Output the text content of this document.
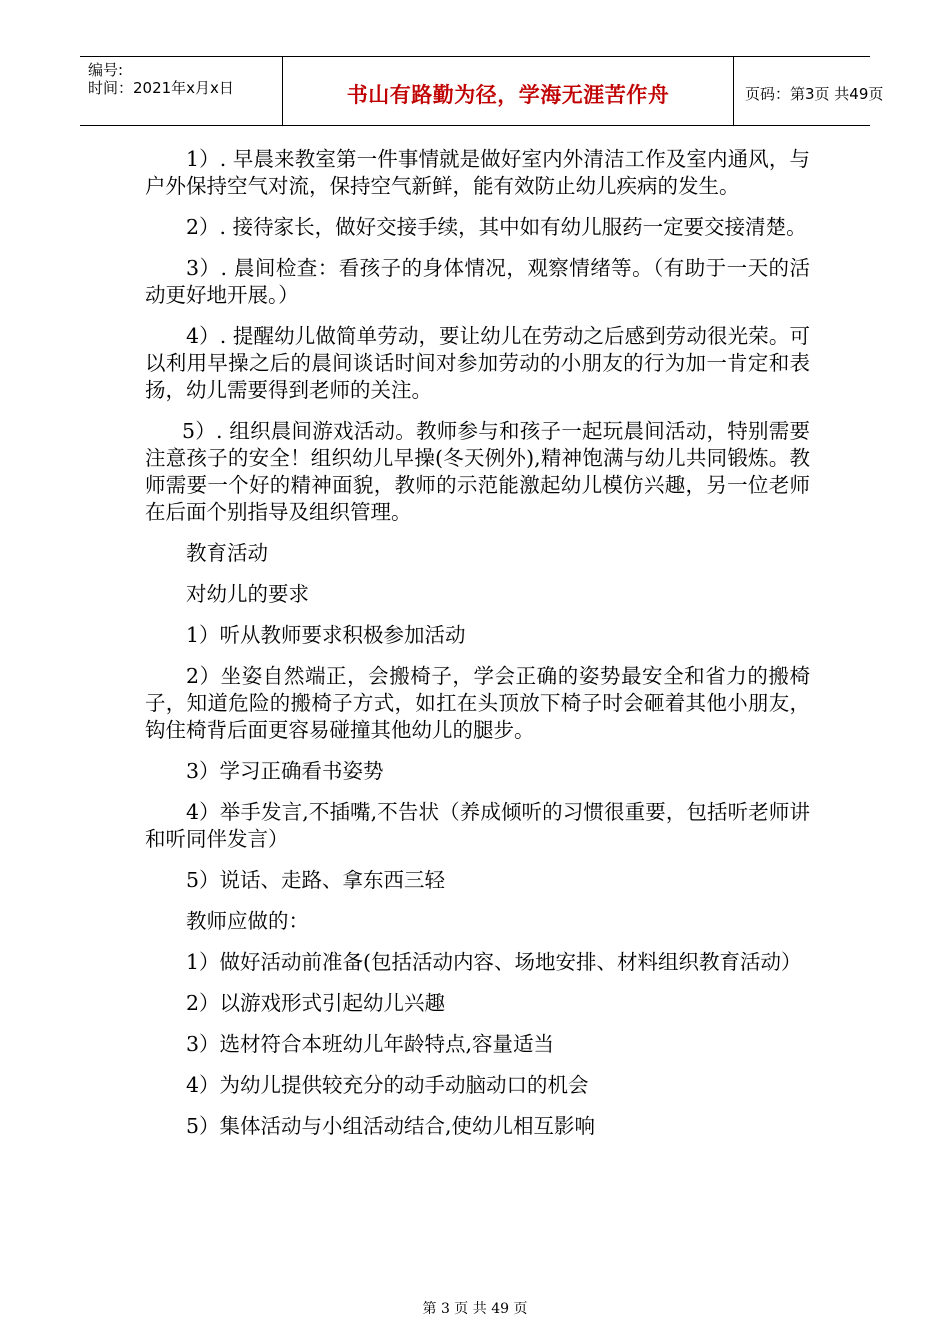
编号:
时间：2021年x月x日	书山有路勤为径，学海无涯苦作舟	页码：第3页 共49页

1）. 早晨来教室第一件事情就是做好室内外清洁工作及室内通风，与户外保持空气对流，保持空气新鲜，能有效防止幼儿疾病的发生。

2）. 接待家长，做好交接手续，其中如有幼儿服药一定要交接清楚。

3）. 晨间检查：看孩子的身体情况，观察情绪等。（有助于一天的活动更好地开展。）

4）. 提醒幼儿做简单劳动，要让幼儿在劳动之后感到劳动很光荣。可以利用早操之后的晨间谈话时间对参加劳动的小朋友的行为加一肯定和表扬，幼儿需要得到老师的关注。

5）. 组织晨间游戏活动。教师参与和孩子一起玩晨间活动，特别需要注意孩子的安全！组织幼儿早操(冬天例外),精神饱满与幼儿共同锻炼。教师需要一个好的精神面貌，教师的示范能激起幼儿模仿兴趣，另一位老师在后面个别指导及组织管理。

教育活动

对幼儿的要求

1）听从教师要求积极参加活动

2）坐姿自然端正，会搬椅子，学会正确的姿势最安全和省力的搬椅子，知道危险的搬椅子方式，如扛在头顶放下椅子时会砸着其他小朋友，钩住椅背后面更容易碰撞其他幼儿的腿步。

3）学习正确看书姿势

4）举手发言,不插嘴,不告状（养成倾听的习惯很重要，包括听老师讲和听同伴发言）

5）说话、走路、拿东西三轻

教师应做的：

1）做好活动前准备(包括活动内容、场地安排、材料组织教育活动）

2）以游戏形式引起幼儿兴趣

3）选材符合本班幼儿年龄特点,容量适当

4）为幼儿提供较充分的动手动脑动口的机会

5）集体活动与小组活动结合,使幼儿相互影响

第 3 页 共 49 页
